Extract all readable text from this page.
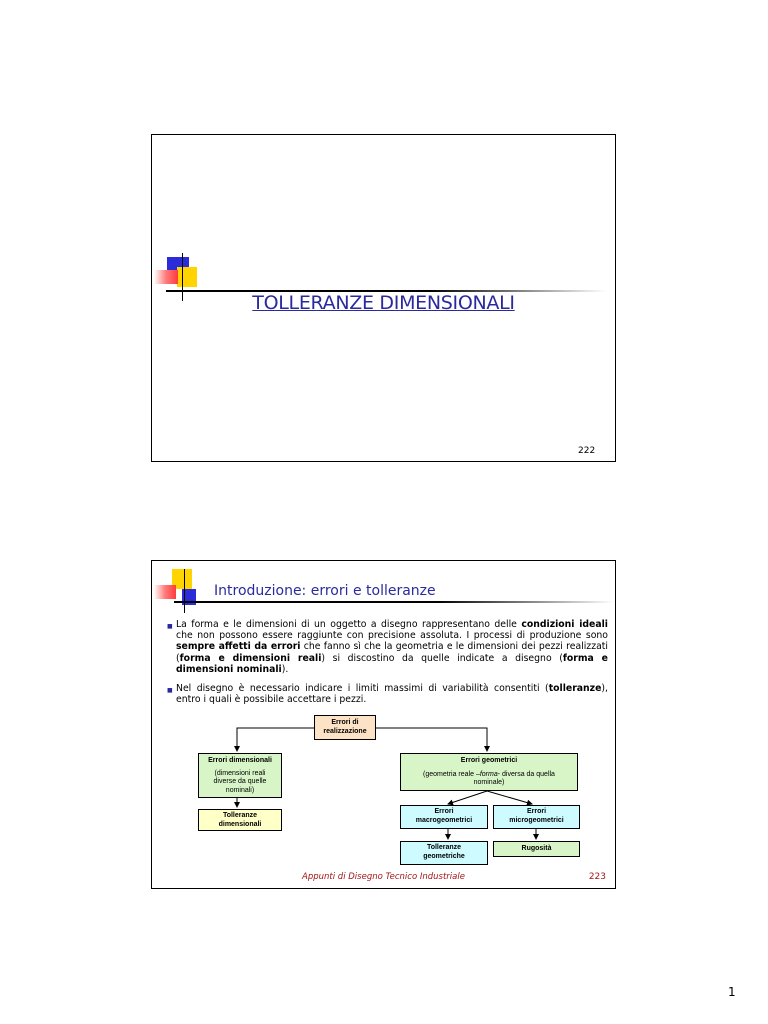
TOLLERANZE DIMENSIONALI
222
Introduzione: errori e tolleranze
■ La forma e le dimensioni di un oggetto a disegno rappresentano delle condizioni ideali che non possono essere raggiunte con precisione assoluta. I processi di produzione sono sempre affetti da errori che fanno sì che la geometria e le dimensioni dei pezzi realizzati (forma e dimensioni reali) si discostino da quelle indicate a disegno (forma e dimensioni nominali).
■ Nel disegno è necessario indicare i limiti massimi di variabilità consentiti (tolleranze), entro i quali è possibile accettare i pezzi.
Errori di realizzazione
Errori dimensionali

(dimensioni reali diverse da quelle nominali)
Errori geometrici

(geometria reale –forma- diversa da quella nominale)
Tolleranze dimensionali
Errori macrogeometrici
Errori microgeometrici
Tolleranze geometriche
Rugosità
Appunti di Disegno Tecnico Industriale	223
1
